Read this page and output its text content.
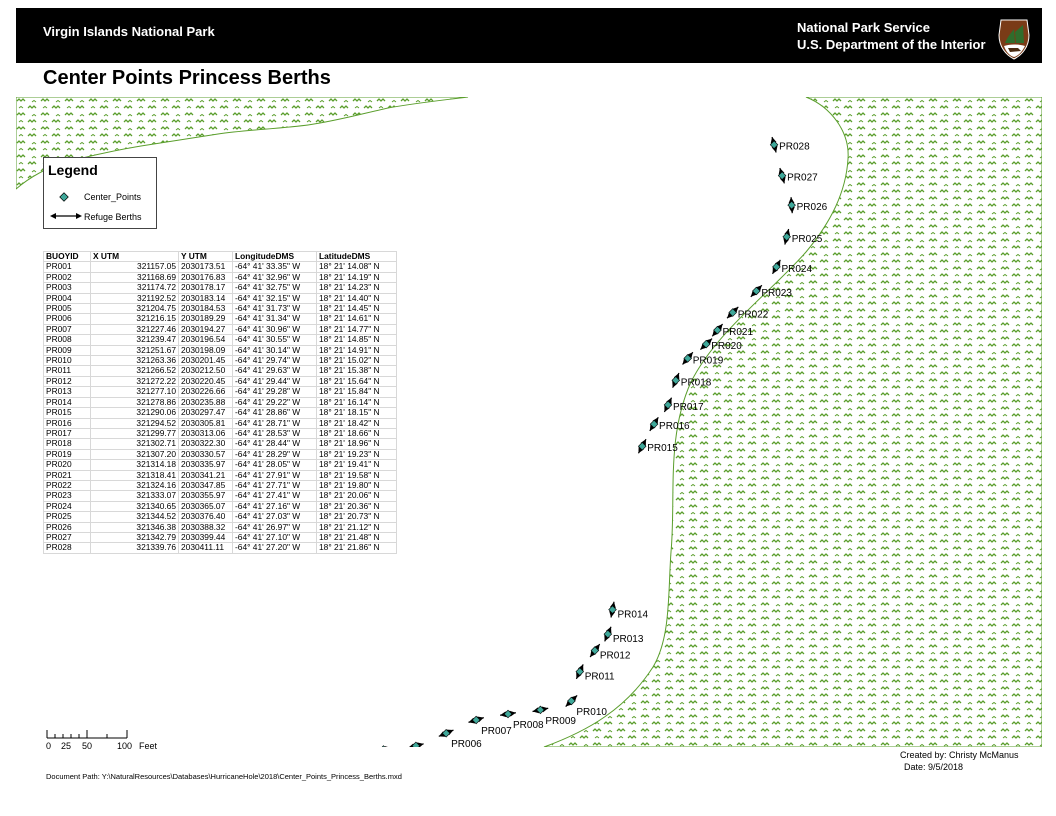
Virgin Islands National Park	National Park Service
U.S. Department of the Interior
Center Points Princess Berths
PR006
PR007
PR008 PR009
PR010
PR011
PR012
PR013
PR014
PR015
PR016
PR017
PR018
PR019
PR020
PR021
PR022
PR023
PR024
PR025
PR026
PR027
PR028
Legend
Center_Points
Refuge Berths
BUOYID	X UTM	Y UTM	LongitudeDMS	LatitudeDMS
PR001	321157.05	2030173.51	-64° 41' 33.35" W	18° 21' 14.08" N
PR002	321168.69	2030176.83	-64° 41' 32.96" W	18° 21' 14.19" N
PR003	321174.72	2030178.17	-64° 41' 32.75" W	18° 21' 14.23" N
PR004	321192.52	2030183.14	-64° 41' 32.15" W	18° 21' 14.40" N
PR005	321204.75	2030184.53	-64° 41' 31.73" W	18° 21' 14.45" N
PR006	321216.15	2030189.29	-64° 41' 31.34" W	18° 21' 14.61" N
PR007	321227.46	2030194.27	-64° 41' 30.96" W	18° 21' 14.77" N
PR008	321239.47	2030196.54	-64° 41' 30.55" W	18° 21' 14.85" N
PR009	321251.67	2030198.09	-64° 41' 30.14" W	18° 21' 14.91" N
PR010	321263.36	2030201.45	-64° 41' 29.74" W	18° 21' 15.02" N
PR011	321266.52	2030212.50	-64° 41' 29.63" W	18° 21' 15.38" N
PR012	321272.22	2030220.45	-64° 41' 29.44" W	18° 21' 15.64" N
PR013	321277.10	2030226.66	-64° 41' 29.28" W	18° 21' 15.84" N
PR014	321278.86	2030235.88	-64° 41' 29.22" W	18° 21' 16.14" N
PR015	321290.06	2030297.47	-64° 41' 28.86" W	18° 21' 18.15" N
PR016	321294.52	2030305.81	-64° 41' 28.71" W	18° 21' 18.42" N
PR017	321299.77	2030313.06	-64° 41' 28.53" W	18° 21' 18.66" N
PR018	321302.71	2030322.30	-64° 41' 28.44" W	18° 21' 18.96" N
PR019	321307.20	2030330.57	-64° 41' 28.29" W	18° 21' 19.23" N
PR020	321314.18	2030335.97	-64° 41' 28.05" W	18° 21' 19.41" N
PR021	321318.41	2030341.21	-64° 41' 27.91" W	18° 21' 19.58" N
PR022	321324.16	2030347.85	-64° 41' 27.71" W	18° 21' 19.80" N
PR023	321333.07	2030355.97	-64° 41' 27.41" W	18° 21' 20.06" N
PR024	321340.65	2030365.07	-64° 41' 27.16" W	18° 21' 20.36" N
PR025	321344.52	2030376.40	-64° 41' 27.03" W	18° 21' 20.73" N
PR026	321346.38	2030388.32	-64° 41' 26.97" W	18° 21' 21.12" N
PR027	321342.79	2030399.44	-64° 41' 27.10" W	18° 21' 21.48" N
PR028	321339.76	2030411.11	-64° 41' 27.20" W	18° 21' 21.86" N
0 25 50	100 Feet
Created by: Christy McManus
Date: 9/5/2018
Document Path: Y:\NaturalResources\Databases\HurricaneHole\2018\Center_Points_Princess_Berths.mxd
